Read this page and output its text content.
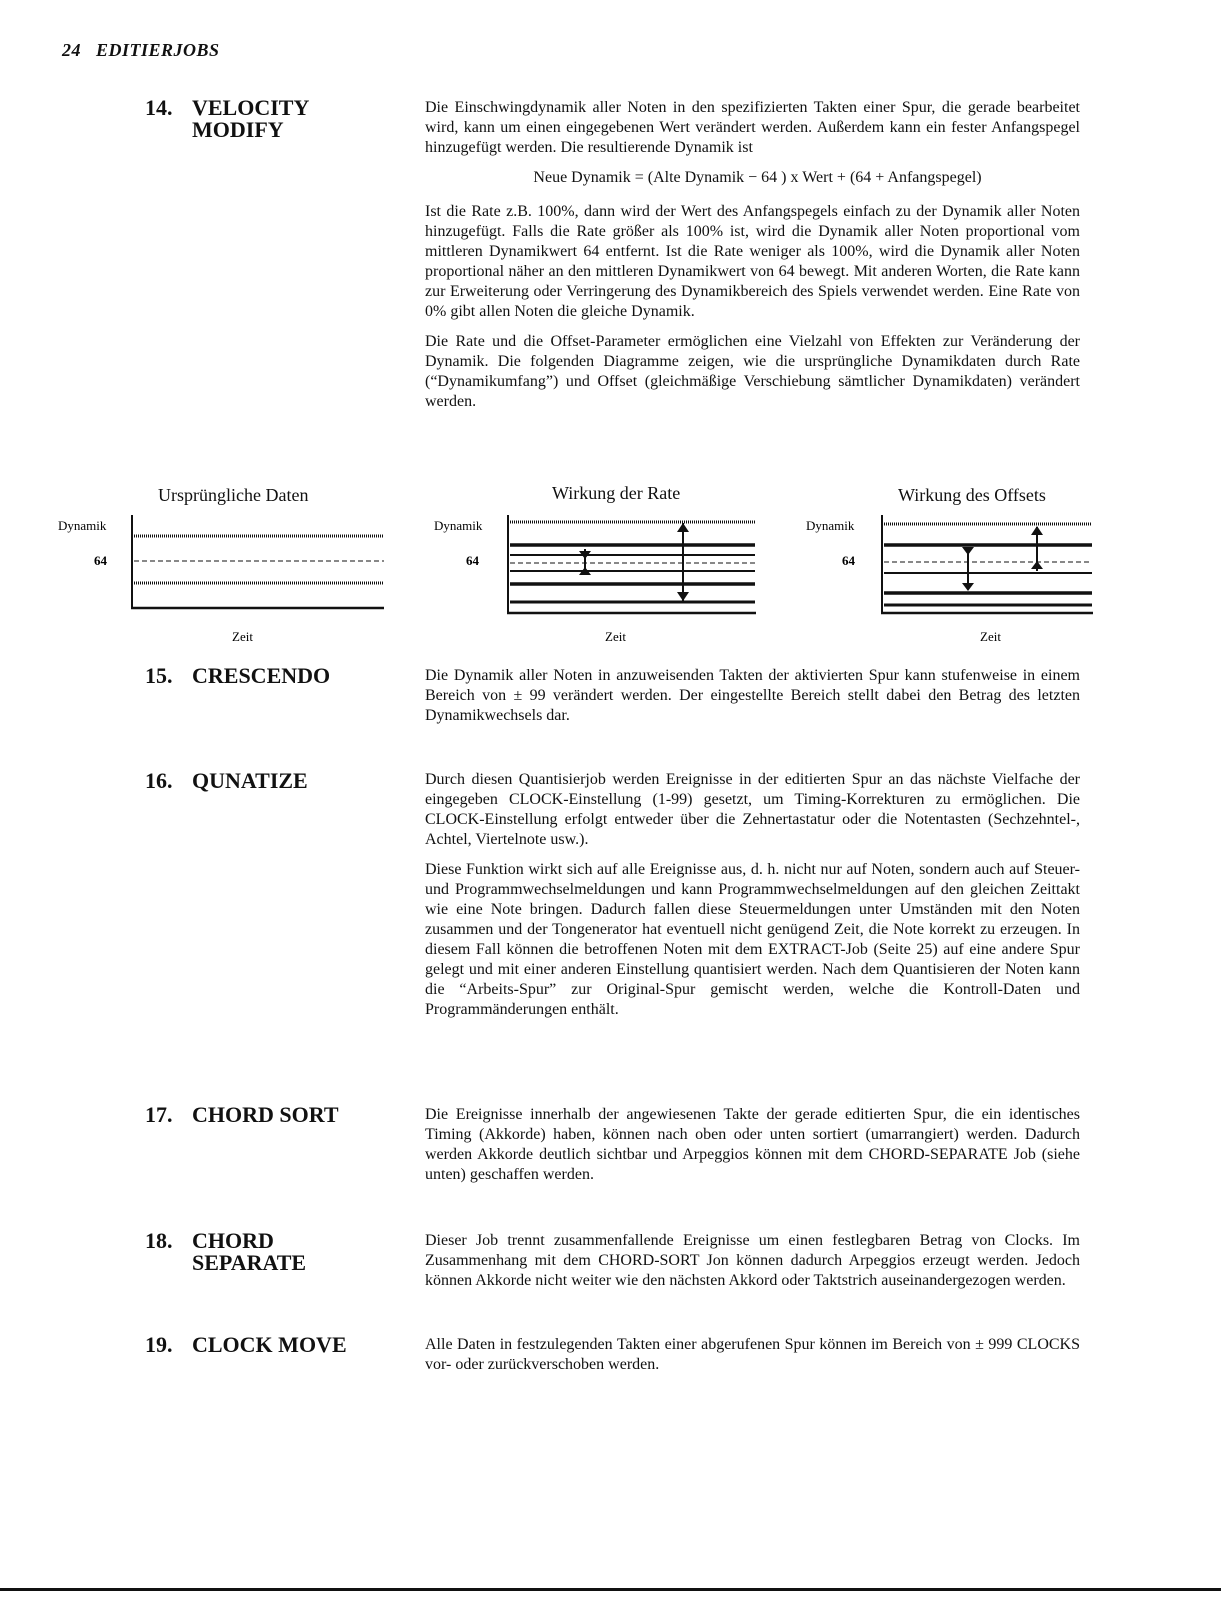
24 EDITIERJOBS
14. VELOCITY
MODIFY

Die Einschwingdynamik aller Noten in den spezifizierten Takten einer Spur, die gerade bearbeitet wird, kann um einen eingegebenen Wert verändert werden. Außerdem kann ein fester Anfangspegel hinzugefügt werden. Die resultierende Dynamik ist

Neue Dynamik = (Alte Dynamik − 64 ) x Wert + (64 + Anfangspegel)

Ist die Rate z.B. 100%, dann wird der Wert des Anfangspegels einfach zu der Dynamik aller Noten hinzugefügt. Falls die Rate größer als 100% ist, wird die Dynamik aller Noten proportional vom mittleren Dynamikwert 64 entfernt. Ist die Rate weniger als 100%, wird die Dynamik aller Noten proportional näher an den mittleren Dynamikwert von 64 bewegt. Mit anderen Worten, die Rate kann zur Erweiterung oder Verringerung des Dynamikbereich des Spiels verwendet werden. Eine Rate von 0% gibt allen Noten die gleiche Dynamik.

Die Rate und die Offset-Parameter ermöglichen eine Vielzahl von Effekten zur Veränderung der Dynamik. Die folgenden Diagramme zeigen, wie die ursprüngliche Dynamikdaten durch Rate (“Dynamikumfang”) und Offset (gleichmäßige Verschiebung sämtlicher Dynamikdaten) verändert werden.

Ursprüngliche Daten	Wirkung der Rate	Wirkung des Offsets
Dynamik
64
Zeit
Dynamik
64
Zeit
Dynamik
64
Zeit
15. CRESCENDO	Die Dynamik aller Noten in anzuweisenden Takten der aktivierten Spur kann stufenweise in einem Bereich von ± 99 verändert werden. Der eingestellte Bereich stellt dabei den Betrag des letzten Dynamikwechsels dar.

16. QUNATIZE	Durch diesen Quantisierjob werden Ereignisse in der editierten Spur an das nächste Vielfache der eingegeben CLOCK-Einstellung (1-99) gesetzt, um Timing-Korrekturen zu ermöglichen. Die CLOCK-Einstellung erfolgt entweder über die Zehnertastatur oder die Notentasten (Sechzehntel-, Achtel, Viertelnote usw.).

Diese Funktion wirkt sich auf alle Ereignisse aus, d. h. nicht nur auf Noten, sondern auch auf Steuer- und Programmwechselmeldungen und kann Programmwechselmeldungen auf den gleichen Zeittakt wie eine Note bringen. Dadurch fallen diese Steuermeldungen unter Umständen mit den Noten zusammen und der Tongenerator hat eventuell nicht genügend Zeit, die Note korrekt zu erzeugen. In diesem Fall können die betroffenen Noten mit dem EXTRACT-Job (Seite 25) auf eine andere Spur gelegt und mit einer anderen Einstellung quantisiert werden. Nach dem Quantisieren der Noten kann die “Arbeits-Spur” zur Original-Spur gemischt werden, welche die Kontroll-Daten und Programmänderungen enthält.

17. CHORD SORT	Die Ereignisse innerhalb der angewiesenen Takte der gerade editierten Spur, die ein identisches Timing (Akkorde) haben, können nach oben oder unten sortiert (umarrangiert) werden. Dadurch werden Akkorde deutlich sichtbar und Arpeggios können mit dem CHORD-SEPARATE Job (siehe unten) geschaffen werden.

18. CHORD
SEPARATE

Dieser Job trennt zusammenfallende Ereignisse um einen festlegbaren Betrag von Clocks. Im Zusammenhang mit dem CHORD-SORT Jon können dadurch Arpeggios erzeugt werden. Jedoch können Akkorde nicht weiter wie den nächsten Akkord oder Taktstrich auseinandergezogen werden.

19. CLOCK MOVE	Alle Daten in festzulegenden Takten einer abgerufenen Spur können im Bereich von ± 999 CLOCKS vor- oder zurückverschoben werden.
